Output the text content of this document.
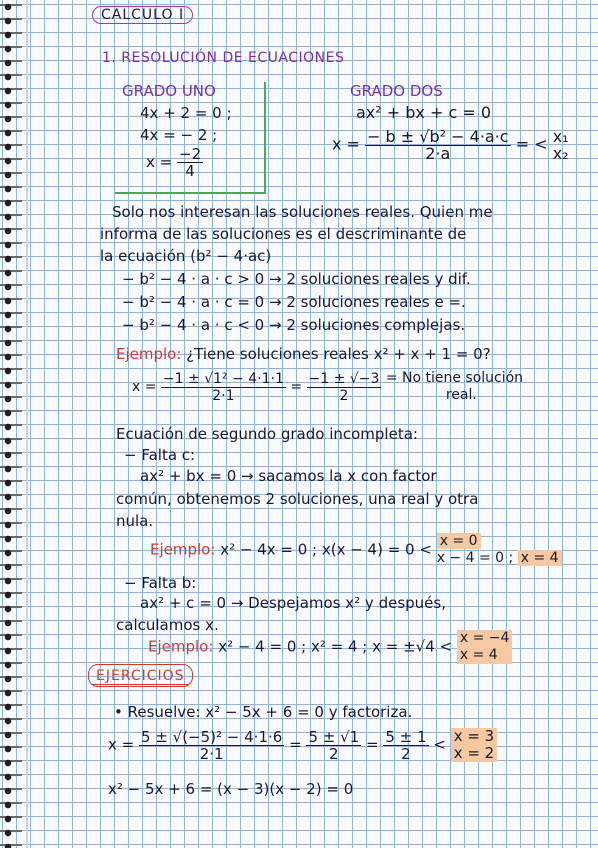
CALCULO I
1. RESOLUCIÓN DE ECUACIONES
GRADO UNO
4x + 2 = 0 ;
4x = − 2 ;
$x = \frac{-2}{4}$
GRADO DOS
ax² + bx + c = 0
$x = \frac{\text{− b ± √b² − 4·a·c}}{2\cdot a}$ = < x₁
x₂
Solo nos interesan las soluciones reales. Quien me
informa de las soluciones es el descriminante de
la ecuación (b² − 4·ac)
− b² − 4 · a · c > 0 → 2 soluciones reales y dif.
− b² − 4 · a · c = 0 → 2 soluciones reales e =.
− b² − 4 · a · c < 0 → 2 soluciones complejas.
Ejemplo: ¿Tiene soluciones reales x² + x + 1 = 0?
$x = \frac{\text{−1 ± √1² − 4·1·1}}{2\cdot 1} = \frac{-1 \pm √-3}{2}$
= No tiene solución
real.
Ecuación de segundo grado incompleta:
− Falta c:
ax² + bx = 0 → sacamos la x con factor
común, obtenemos 2 soluciones, una real y otra
nula.
Ejemplo: x² − 4x = 0 ; x(x − 4) = 0 < x = 0
x − 4 = 0 ; x = 4
− Falta b:
ax² + c = 0 → Despejamos x² y después,
calculamos x.
Ejemplo: x² − 4 = 0 ; x² = 4 ; x = ±√4 < x = −4
x = 4
EJERCICIOS
• Resuelve: x² − 5x + 6 = 0 y factoriza.
$x = \frac{\text{5 ± √(−5)² − 4·1·6}}{2\cdot 1} = \frac{5 \pm √1}{2} = \frac{5 \pm 1}{2} < x = 3$
x = 2
x² − 5x + 6 = (x − 3)(x − 2) = 0
